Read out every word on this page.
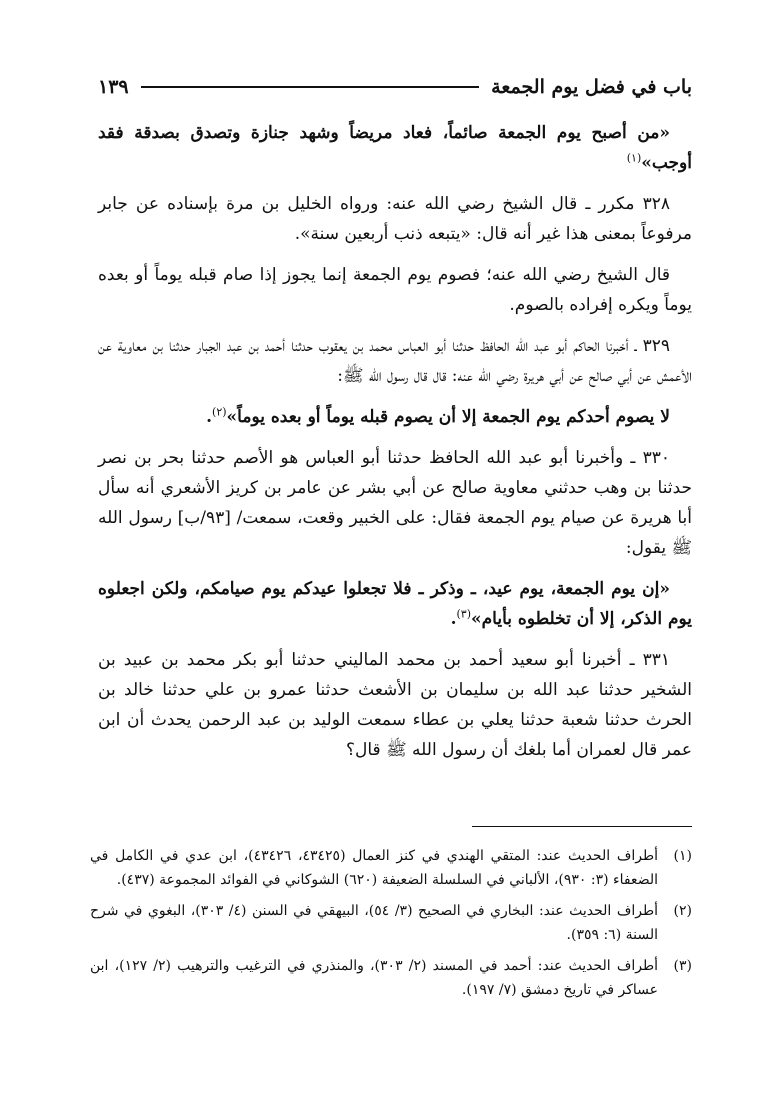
باب في فضل يوم الجمعة
١٣٩

«من أصبح يوم الجمعة صائماً، فعاد مريضاً وشهد جنازة وتصدق بصدقة فقد أوجب»$^{(١)}$

٣٢٨ مكرر ـ قال الشيخ رضي الله عنه: ورواه الخليل بن مرة بإسناده عن جابر مرفوعاً بمعنى هذا غير أنه قال: «يتبعه ذنب أربعين سنة».

قال الشيخ رضي الله عنه؛ فصوم يوم الجمعة إنما يجوز إذا صام قبله يوماً أو بعده يوماً ويكره إفراده بالصوم.

٣٢٩ ـ أخبرنا الحاكم أبو عبد الله الحافظ حدثنا أبو العباس محمد بن يعقوب حدثنا أحمد بن عبد الجبار حدثنا بن معاوية عن الأعمش عن أبي صالح عن أبي هريرة رضي الله عنه: قال قال رسول الله ﷺ:

لا يصوم أحدكم يوم الجمعة إلا أن يصوم قبله يوماً أو بعده يوماً»$^{(٢)}$.

٣٣٠ ـ وأخبرنا أبو عبد الله الحافظ حدثنا أبو العباس هو الأصم حدثنا بحر بن نصر حدثنا بن وهب حدثني معاوية صالح عن أبي بشر عن عامر بن كريز الأشعري أنه سأل أبا هريرة عن صيام يوم الجمعة فقال: على الخبير وقعت، سمعت/ [٩٣/ب] رسول الله ﷺ يقول:

«إن يوم الجمعة، يوم عيد، ـ وذكر ـ فلا تجعلوا عيدكم يوم صيامكم، ولكن اجعلوه يوم الذكر، إلا أن تخلطوه بأيام»$^{(٣)}$.

٣٣١ ـ أخبرنا أبو سعيد أحمد بن محمد الماليني حدثنا أبو بكر محمد بن عبيد بن الشخير حدثنا عبد الله بن سليمان بن الأشعث حدثنا عمرو بن علي حدثنا خالد بن الحرث حدثنا شعبة حدثنا يعلي بن عطاء سمعت الوليد بن عبد الرحمن يحدث أن ابن عمر قال لعمران أما بلغك أن رسول الله ﷺ قال؟

(١)
أطراف الحديث عند: المتقي الهندي في كنز العمال (٤٣٤٢٥، ٤٣٤٢٦)، ابن عدي في الكامل في الضعفاء (٣: ٩٣٠)، الألباني في السلسلة الضعيفة (٦٢٠) الشوكاني في الفوائد المجموعة (٤٣٧).
(٢)
أطراف الحديث عند: البخاري في الصحيح (٣/ ٥٤)، البيهقي في السنن (٤/ ٣٠٣)، البغوي في شرح السنة (٦: ٣٥٩).
(٣)
أطراف الحديث عند: أحمد في المسند (٢/ ٣٠٣)، والمنذري في الترغيب والترهيب (٢/ ١٢٧)، ابن عساكر في تاريخ دمشق (٧/ ١٩٧).
